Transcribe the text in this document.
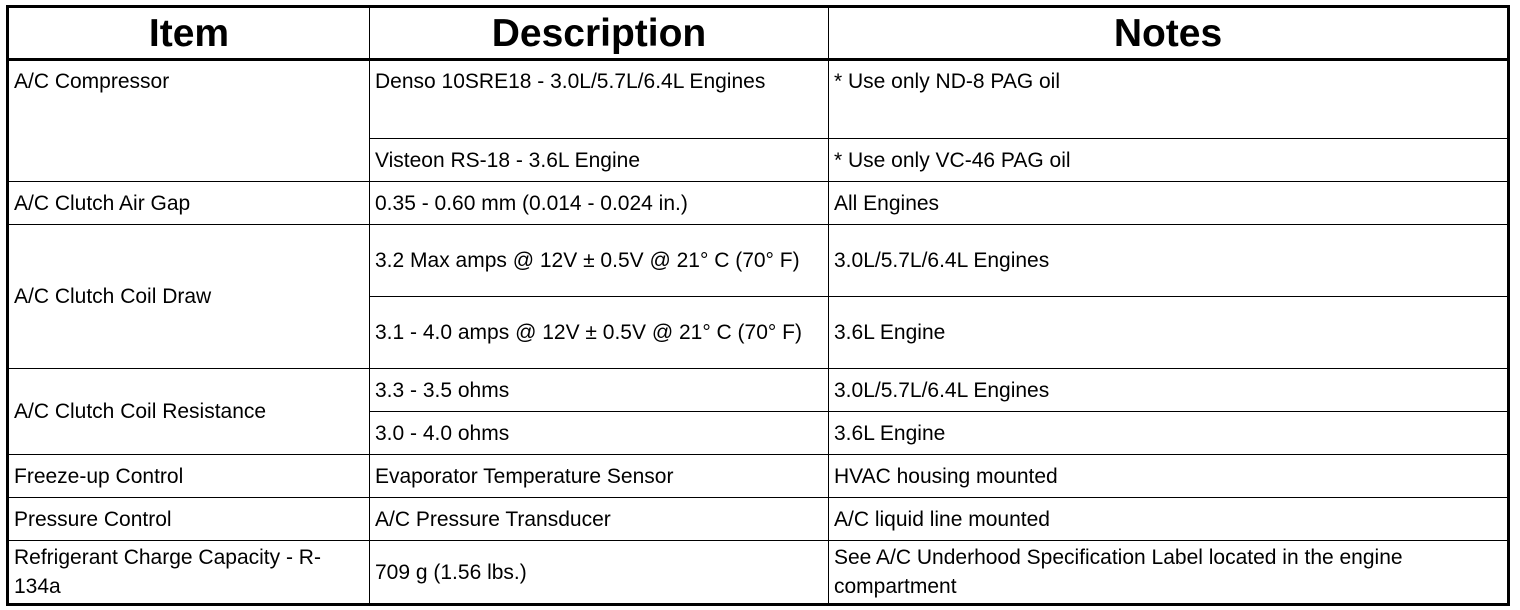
Item	Description	Notes
A/C Compressor	Denso 10SRE18 - 3.0L/5.7L/6.4L Engines	* Use only ND-8 PAG oil
	Visteon RS-18 - 3.6L Engine	* Use only VC-46 PAG oil
A/C Clutch Air Gap	0.35 - 0.60 mm (0.014 - 0.024 in.)	All Engines
A/C Clutch Coil Draw	3.2 Max amps @ 12V ± 0.5V @ 21° C (70° F)	3.0L/5.7L/6.4L Engines
	3.1 - 4.0 amps @ 12V ± 0.5V @ 21° C (70° F)	3.6L Engine
A/C Clutch Coil Resistance	3.3 - 3.5 ohms	3.0L/5.7L/6.4L Engines
	3.0 - 4.0 ohms	3.6L Engine
Freeze-up Control	Evaporator Temperature Sensor	HVAC housing mounted
Pressure Control	A/C Pressure Transducer	A/C liquid line mounted
Refrigerant Charge Capacity - R-134a	709 g (1.56 lbs.)	See A/C Underhood Specification Label located in the engine compartment
